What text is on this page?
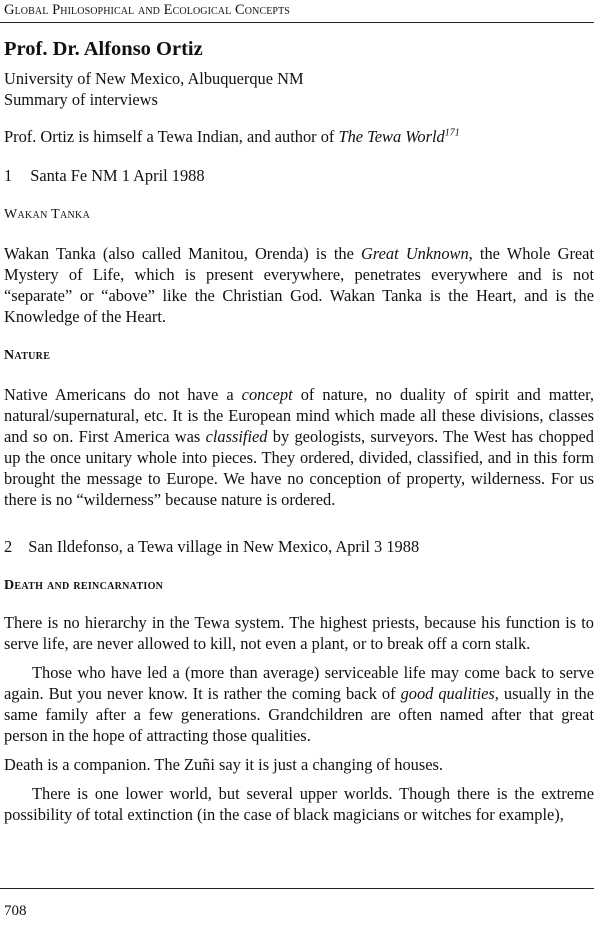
Global Philosophical and Ecological Concepts
Prof. Dr. Alfonso Ortiz

University of New Mexico, Albuquerque NM

Summary of interviews

Prof. Ortiz is himself a Tewa Indian, and author of The Tewa World$^{171}$

1 Santa Fe NM 1 April 1988

Wakan Tanka

Wakan Tanka (also called Manitou, Orenda) is the Great Unknown, the Whole Great Mystery of Life, which is present everywhere, penetrates everywhere and is not “separate” or “above” like the Christian God. Wakan Tanka is the Heart, and is the Knowledge of the Heart.

Nature

Native Americans do not have a concept of nature, no duality of spirit and matter, natural/supernatural, etc. It is the European mind which made all these divisions, classes and so on. First America was classified by geologists, surveyors. The West has chopped up the once unitary whole into pieces. They ordered, divided, classified, and in this form brought the message to Europe. We have no conception of property, wilderness. For us there is no “wilderness” because nature is ordered.

2 San Ildefonso, a Tewa village in New Mexico, April 3 1988

Death and reincarnation

There is no hierarchy in the Tewa system. The highest priests, because his function is to serve life, are never allowed to kill, not even a plant, or to break off a corn stalk.

Those who have led a (more than average) serviceable life may come back to serve again. But you never know. It is rather the coming back of good qualities, usually in the same family after a few generations. Grandchildren are often named after that great person in the hope of attracting those qualities.

Death is a companion. The Zuñi say it is just a changing of houses.

There is one lower world, but several upper worlds. Though there is the extreme possibility of total extinction (in the case of black magicians or witches for example),

708
